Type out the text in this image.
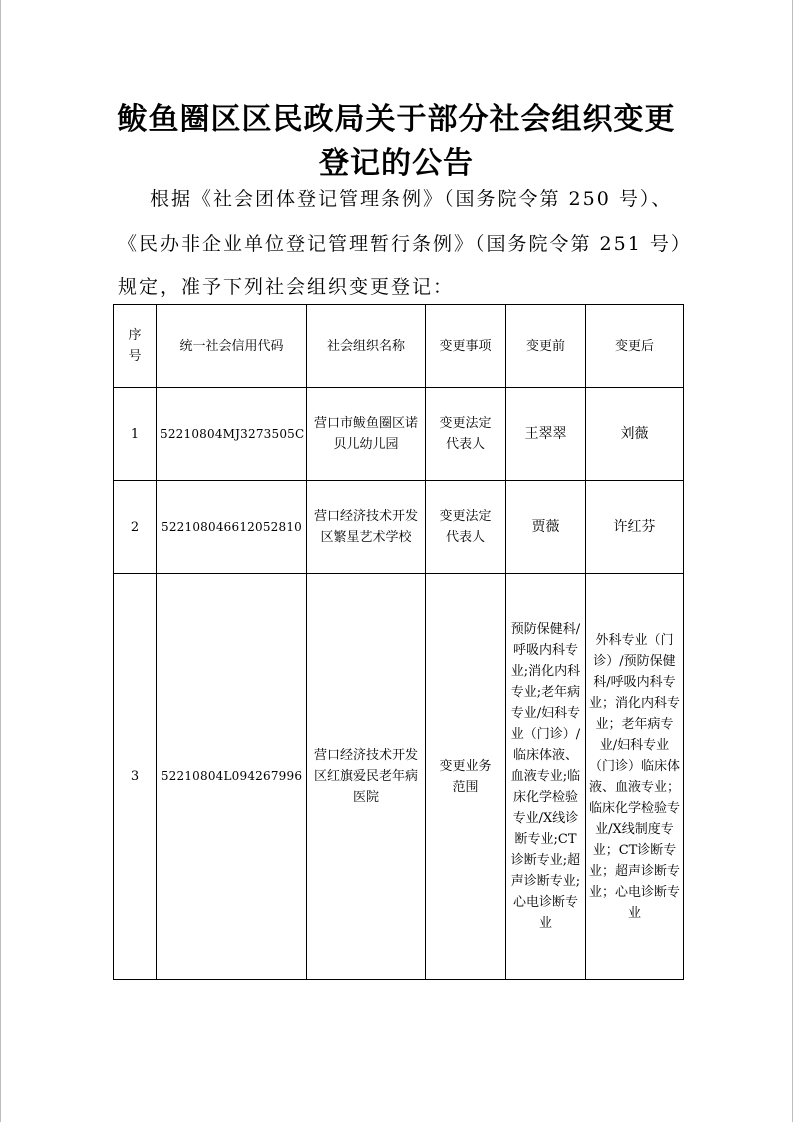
鲅鱼圈区区民政局关于部分社会组织变更
登记的公告
根据《社会团体登记管理条例》（国务院令第 250 号）、
《民办非企业单位登记管理暂行条例》（国务院令第 251 号）
规定，准予下列社会组织变更登记：
序号	统一社会信用代码	社会组织名称	变更事项	变更前	变更后
1	52210804MJ3273505C	营口市鲅鱼圈区诺贝儿幼儿园	变更法定代表人	王翠翠	刘薇
2	522108046612052810	营口经济技术开发区繁星艺术学校	变更法定代表人	贾薇	许红芬
3	52210804L094267996	营口经济技术开发区红旗爱民老年病医院	变更业务范围	预防保健科/呼吸内科专业;消化内科专业;老年病专业/妇科专业（门诊）/临床体液、血液专业;临床化学检验专业/X线诊断专业;CT诊断专业;超声诊断专业;心电诊断专业	外科专业（门诊）/预防保健科/呼吸内科专业；消化内科专业；老年病专业/妇科专业（门诊）临床体液、血液专业；临床化学检验专业/X线制度专业；CT诊断专业；超声诊断专业；心电诊断专业
